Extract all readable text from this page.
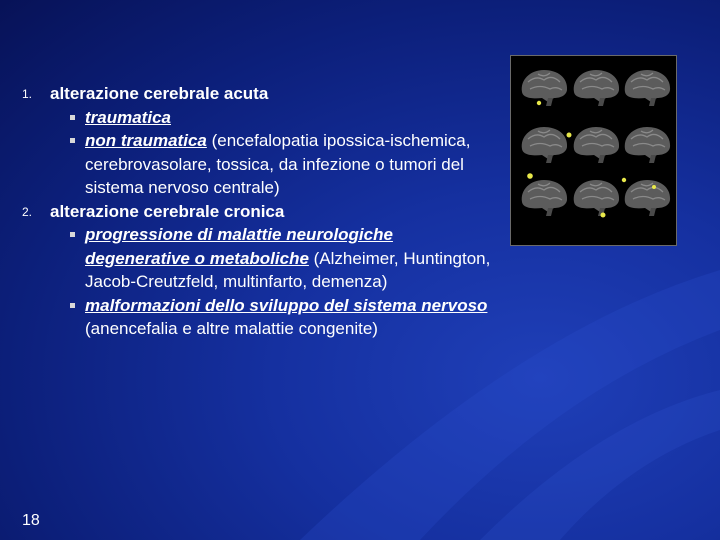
1. alterazione cerebrale acuta
traumatica
non traumatica (encefalopatia ipossica-ischemica, cerebrovasolare, tossica, da infezione o tumori del sistema nervoso centrale)
2. alterazione cerebrale cronica
progressione di malattie neurologiche degenerative o metaboliche (Alzheimer, Huntington, Jacob-Creutzfeld, multinfarto, demenza)
malformazioni dello sviluppo del sistema nervoso (anencefalia e altre malattie congenite)
18
